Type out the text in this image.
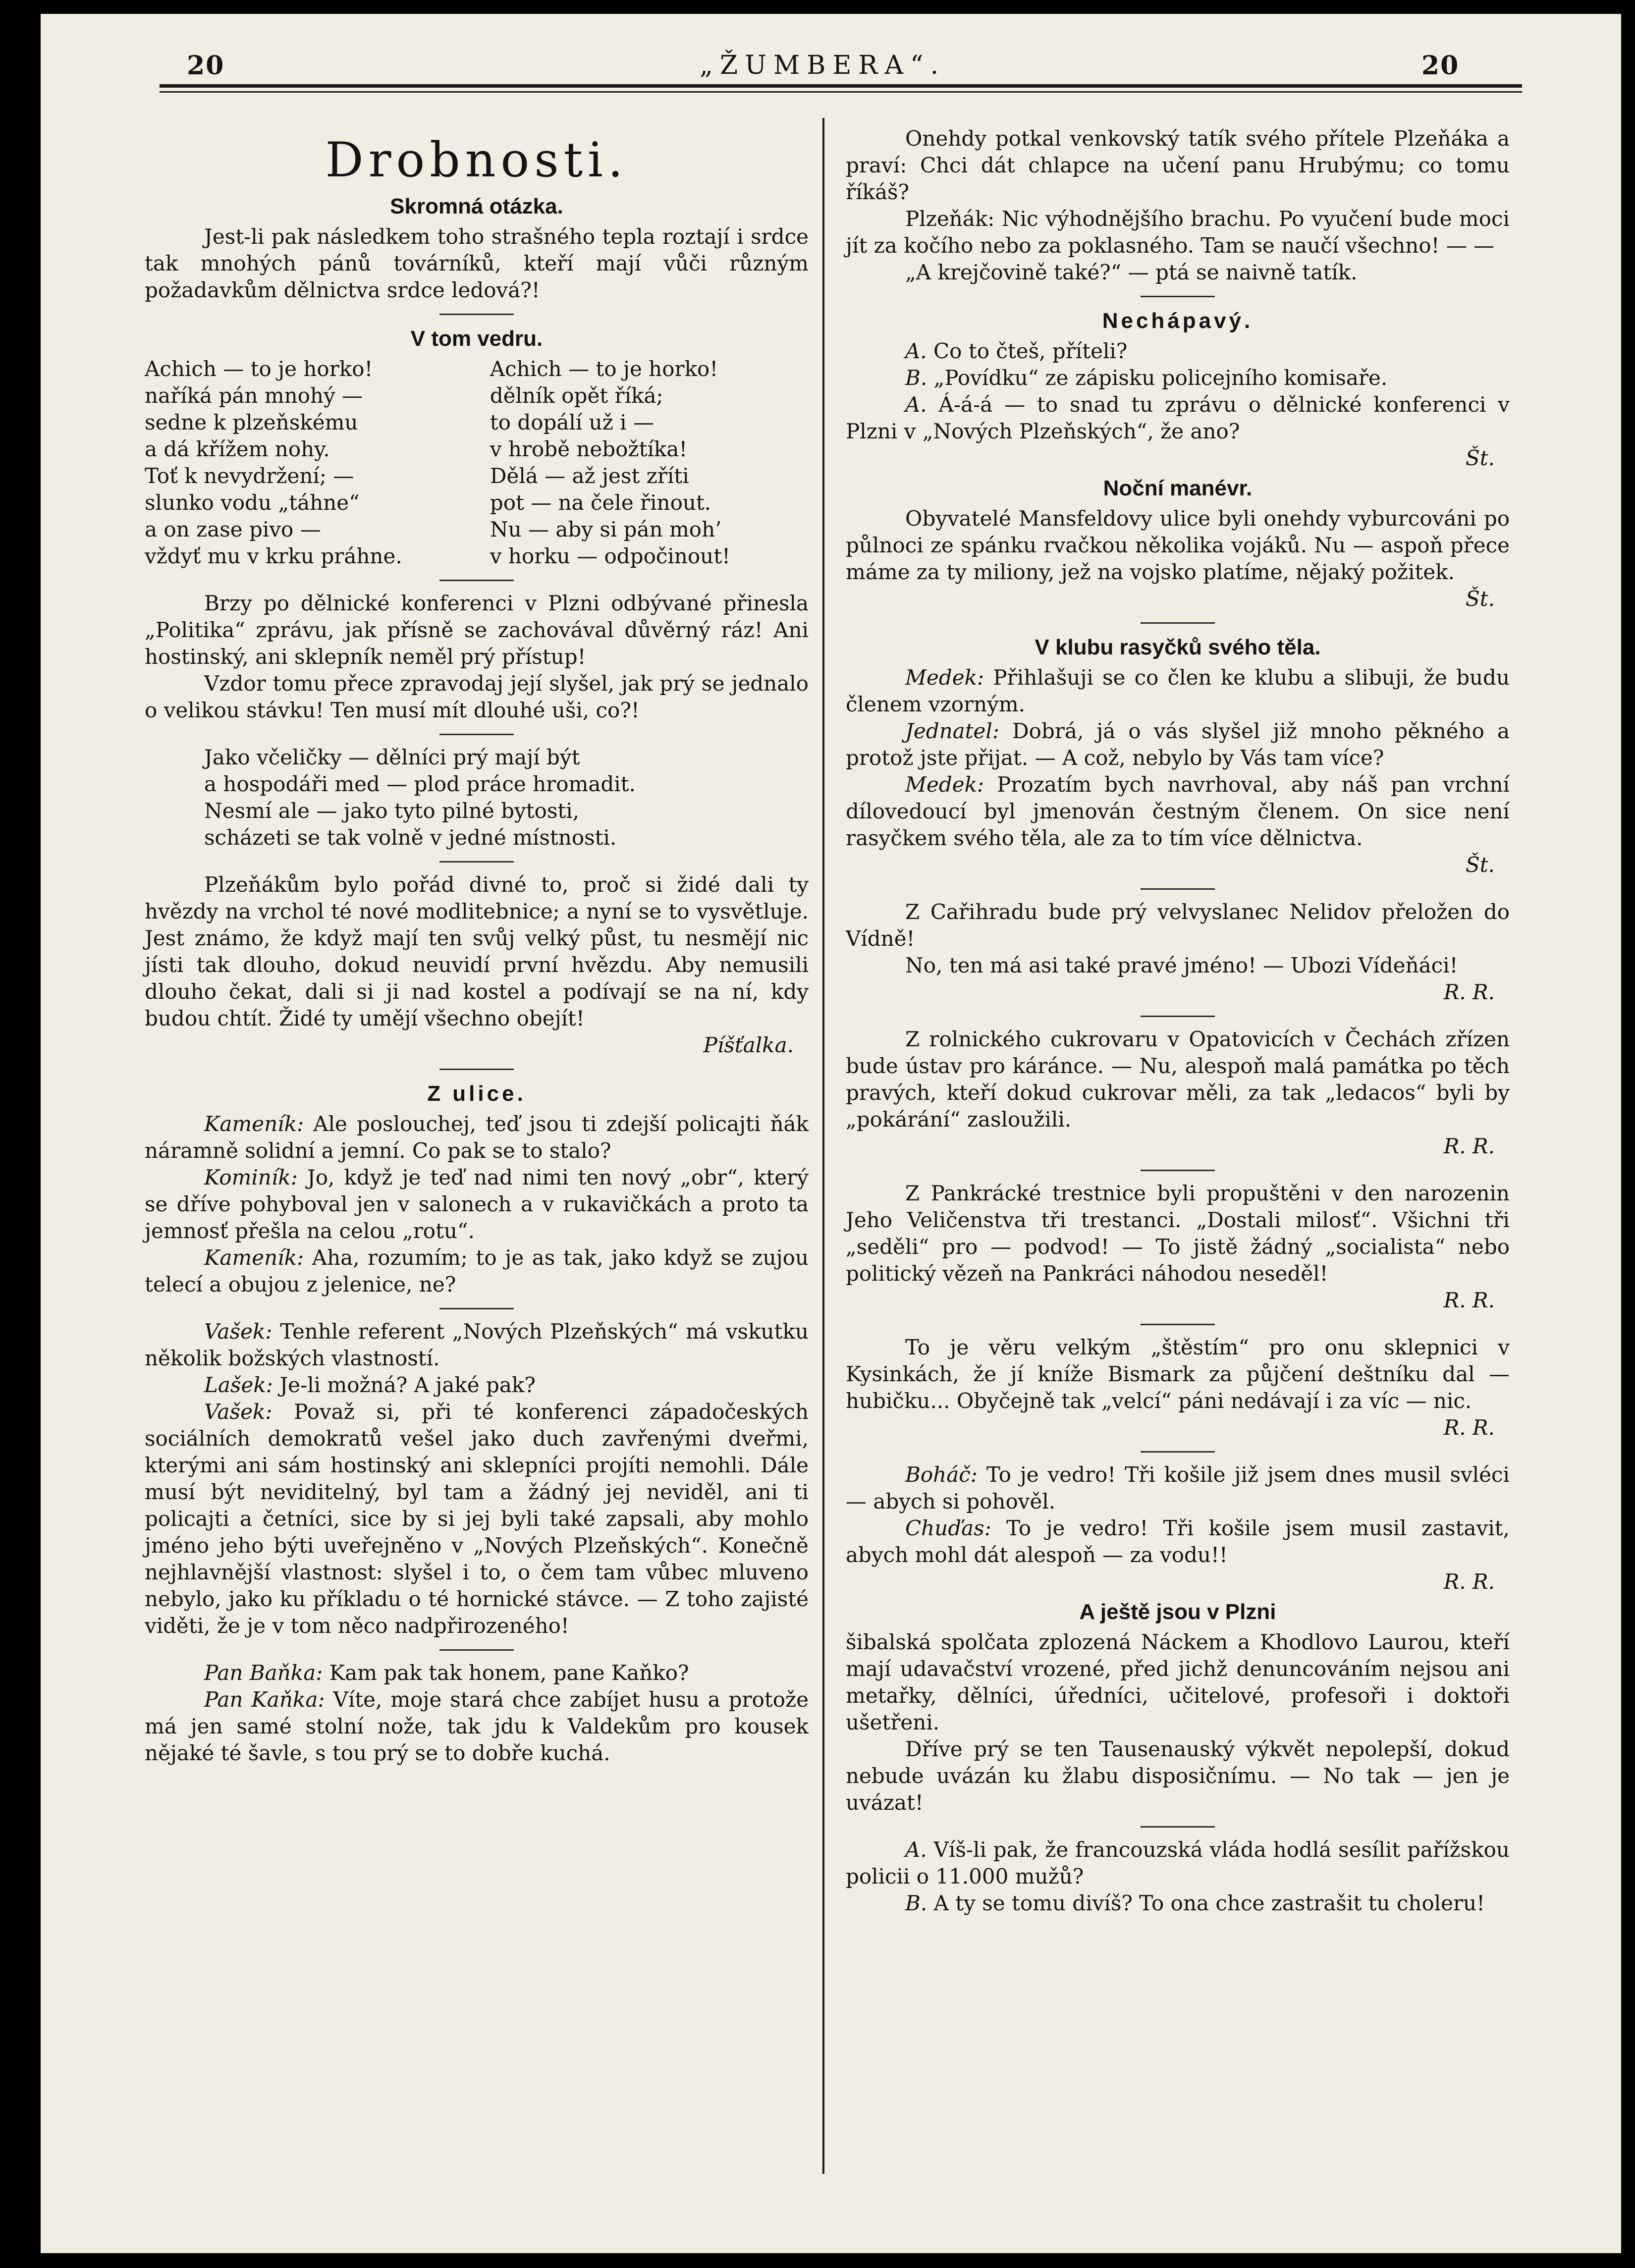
20	„ŽUMBERA“.	20
Drobnosti.
Skromná otázka.

Jest-li pak následkem toho strašného tepla roztají i srdce tak mnohých pánů továrníků, kteří mají vůči různým požadavkům dělnictva srdce ledová?!

V tom vedru.
Achich — to je horko!
naříká pán mnohý —
sedne k plzeňskému
a dá křížem nohy.
Toť k nevydržení; —
slunko vodu „táhne“
a on zase pivo —
vždyť mu v krku práhne.
Achich — to je horko!
dělník opět říká;
to dopálí už i —
v hrobě nebožtíka!
Dělá — až jest zříti
pot — na čele řinout.
Nu — aby si pán moh’
v horku — odpočinout!

Brzy po dělnické konferenci v Plzni odbývané přinesla „Politika“ zprávu, jak přísně se zachovával důvěrný ráz! Ani hostinský, ani sklepník neměl prý přístup!

Vzdor tomu přece zpravodaj její slyšel, jak prý se jednalo o velikou stávku! Ten musí mít dlouhé uši, co?!

Jako včeličky — dělníci prý mají být

a hospodáři med — plod práce hromadit.

Nesmí ale — jako tyto pilné bytosti,

scházeti se tak volně v jedné místnosti.

Plzeňákům bylo pořád divné to, proč si židé dali ty hvězdy na vrchol té nové modlitebnice; a nyní se to vysvětluje. Jest známo, že když mají ten svůj velký půst, tu nesmějí nic jísti tak dlouho, dokud neuvidí první hvězdu. Aby nemusili dlouho čekat, dali si ji nad kostel a podívají se na ní, kdy budou chtít. Židé ty umějí všechno obejít!

Píšťalka.
Z ulice.

Kameník: Ale poslouchej, teď jsou ti zdejší policajti ňák náramně solidní a jemní. Co pak se to stalo?

Kominík: Jo, když je teď nad nimi ten nový „obr“, který se dříve pohyboval jen v salonech a v rukavičkách a proto ta jemnosť přešla na celou „rotu“.

Kameník: Aha, rozumím; to je as tak, jako když se zujou telecí a obujou z jelenice, ne?

Vašek: Tenhle referent „Nových Plzeňských“ má vskutku několik božských vlastností.

Lašek: Je-li možná? A jaké pak?

Vašek: Považ si, při té konferenci západočeských sociálních demokratů vešel jako duch zavřenými dveřmi, kterými ani sám hostinský ani sklepníci projíti nemohli. Dále musí být neviditelný, byl tam a žádný jej neviděl, ani ti policajti a četníci, sice by si jej byli také zapsali, aby mohlo jméno jeho býti uveřejněno v „Nových Plzeňských“. Konečně nejhlavnější vlastnost: slyšel i to, o čem tam vůbec mluveno nebylo, jako ku příkladu o té hornické stávce. — Z toho zajisté viděti, že je v tom něco nadpřirozeného!

Pan Baňka: Kam pak tak honem, pane Kaňko?

Pan Kaňka: Víte, moje stará chce zabíjet husu a protože má jen samé stolní nože, tak jdu k Valdekům pro kousek nějaké té šavle, s tou prý se to dobře kuchá.

Onehdy potkal venkovský tatík svého přítele Plzeňáka a praví: Chci dát chlapce na učení panu Hrubýmu; co tomu říkáš?

Plzeňák: Nic výhodnějšího brachu. Po vyučení bude moci jít za kočího nebo za poklasného. Tam se naučí všechno! — —

„A krejčovině také?“ — ptá se naivně tatík.

Nechápavý.

A. Co to čteš, příteli?

B. „Povídku“ ze zápisku policejního komisaře.

A. Á-á-á — to snad tu zprávu o dělnické konferenci v Plzni v „Nových Plzeňských“, že ano?

Št.
Noční manévr.

Obyvatelé Mansfeldovy ulice byli onehdy vyburcováni po půlnoci ze spánku rvačkou několika vojáků. Nu — aspoň přece máme za ty miliony, jež na vojsko platíme, nějaký požitek.

Št.
V klubu rasyčků svého těla.

Medek: Přihlašuji se co člen ke klubu a slibuji, že budu členem vzorným.

Jednatel: Dobrá, já o vás slyšel již mnoho pěkného a protož jste přijat. — A což, nebylo by Vás tam více?

Medek: Prozatím bych navrhoval, aby náš pan vrchní dílovedoucí byl jmenován čestným členem. On sice není rasyčkem svého těla, ale za to tím více dělnictva.

Št.

Z Cařihradu bude prý velvyslanec Nelidov přeložen do Vídně!

No, ten má asi také pravé jméno! — Ubozi Vídeňáci!

R. R.

Z rolnického cukrovaru v Opatovicích v Čechách zřízen bude ústav pro káránce. — Nu, alespoň malá památka po těch pravých, kteří dokud cukrovar měli, za tak „ledacos“ byli by „pokárání“ zasloužili.

R. R.

Z Pankrácké trestnice byli propuštěni v den narozenin Jeho Veličenstva tři trestanci. „Dostali milosť“. Všichni tři „seděli“ pro — podvod! — To jistě žádný „socialista“ nebo politický vězeň na Pankráci náhodou neseděl!

R. R.

To je věru velkým „štěstím“ pro onu sklepnici v Kysinkách, že jí kníže Bismark za půjčení deštníku dal — hubičku... Obyčejně tak „velcí“ páni nedávají i za víc — nic.

R. R.

Boháč: To je vedro! Tři košile již jsem dnes musil svléci — abych si pohověl.

Chuďas: To je vedro! Tři košile jsem musil zastavit, abych mohl dát alespoň — za vodu!!

R. R.
A ještě jsou v Plzni

šibalská spolčata zplozená Náckem a Khodlovo Laurou, kteří mají udavačství vrozené, před jichž denuncováním nejsou ani metařky, dělníci, úředníci, učitelové, profesoři i doktoři ušetřeni.

Dříve prý se ten Tausenauský výkvět nepolepší, dokud nebude uvázán ku žlabu disposičnímu. — No tak — jen je uvázat!

A. Víš-li pak, že francouzská vláda hodlá sesílit pařížskou policii o 11.000 mužů?

B. A ty se tomu divíš? To ona chce zastrašit tu choleru!
